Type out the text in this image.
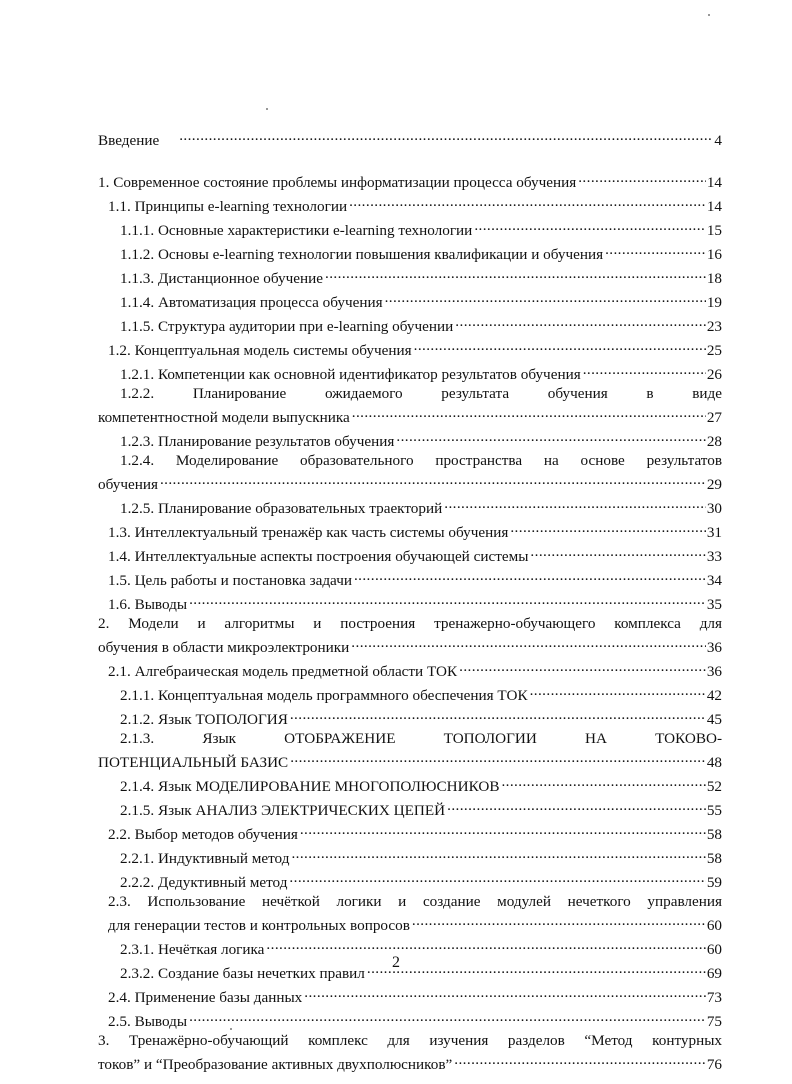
Введение .....	4
1. Современное состояние проблемы информатизации процесса обучения .....	14
1.1. Принципы e-learning технологии .....	14
1.1.1. Основные характеристики e-learning технологии .....	15
1.1.2. Основы e-learning технологии повышения квалификации и обучения .....	16
1.1.3. Дистанционное обучение .....	18
1.1.4. Автоматизация процесса обучения .....	19
1.1.5. Структура аудитории при e-learning обучении .....	23
1.2. Концептуальная модель системы обучения .....	25
1.2.1. Компетенции как основной идентификатор результатов обучения .....	26
1.2.2. Планирование ожидаемого результата обучения в виде
компетентностной модели выпускника .....	27
1.2.3. Планирование результатов обучения .....	28
1.2.4. Моделирование образовательного пространства на основе результатов
обучения .....	29
1.2.5. Планирование образовательных траекторий .....	30
1.3. Интеллектуальный тренажёр как часть системы обучения .....	31
1.4. Интеллектуальные аспекты построения обучающей системы .....	33
1.5. Цель работы и постановка задачи .....	34
1.6. Выводы .....	35
2. Модели и алгоритмы и построения тренажерно-обучающего комплекса для
обучения в области микроэлектроники .....	36
2.1. Алгебраическая модель предметной области ТОК .....	36
2.1.1. Концептуальная модель программного обеспечения ТОК .....	42
2.1.2. Язык ТОПОЛОГИЯ .....	45
2.1.3. Язык ОТОБРАЖЕНИЕ ТОПОЛОГИИ НА ТОКОВО-
ПОТЕНЦИАЛЬНЫЙ БАЗИС .....	48
2.1.4. Язык МОДЕЛИРОВАНИЕ МНОГОПОЛЮСНИКОВ .....	52
2.1.5. Язык АНАЛИЗ ЭЛЕКТРИЧЕСКИХ ЦЕПЕЙ .....	55
2.2. Выбор методов обучения .....	58
2.2.1. Индуктивный метод .....	58
2.2.2. Дедуктивный метод .....	59
2.3. Использование нечёткой логики и создание модулей нечеткого управления
для генерации тестов и контрольных вопросов .....	60
2.3.1. Нечёткая логика .....	60
2.3.2. Создание базы нечетких правил .....	69
2.4. Применение базы данных .....	73
2.5. Выводы .....	75
3. Тренажёрно-обучающий комплекс для изучения разделов “Метод контурных
токов” и “Преобразование активных двухполюсников” .....	76
2
